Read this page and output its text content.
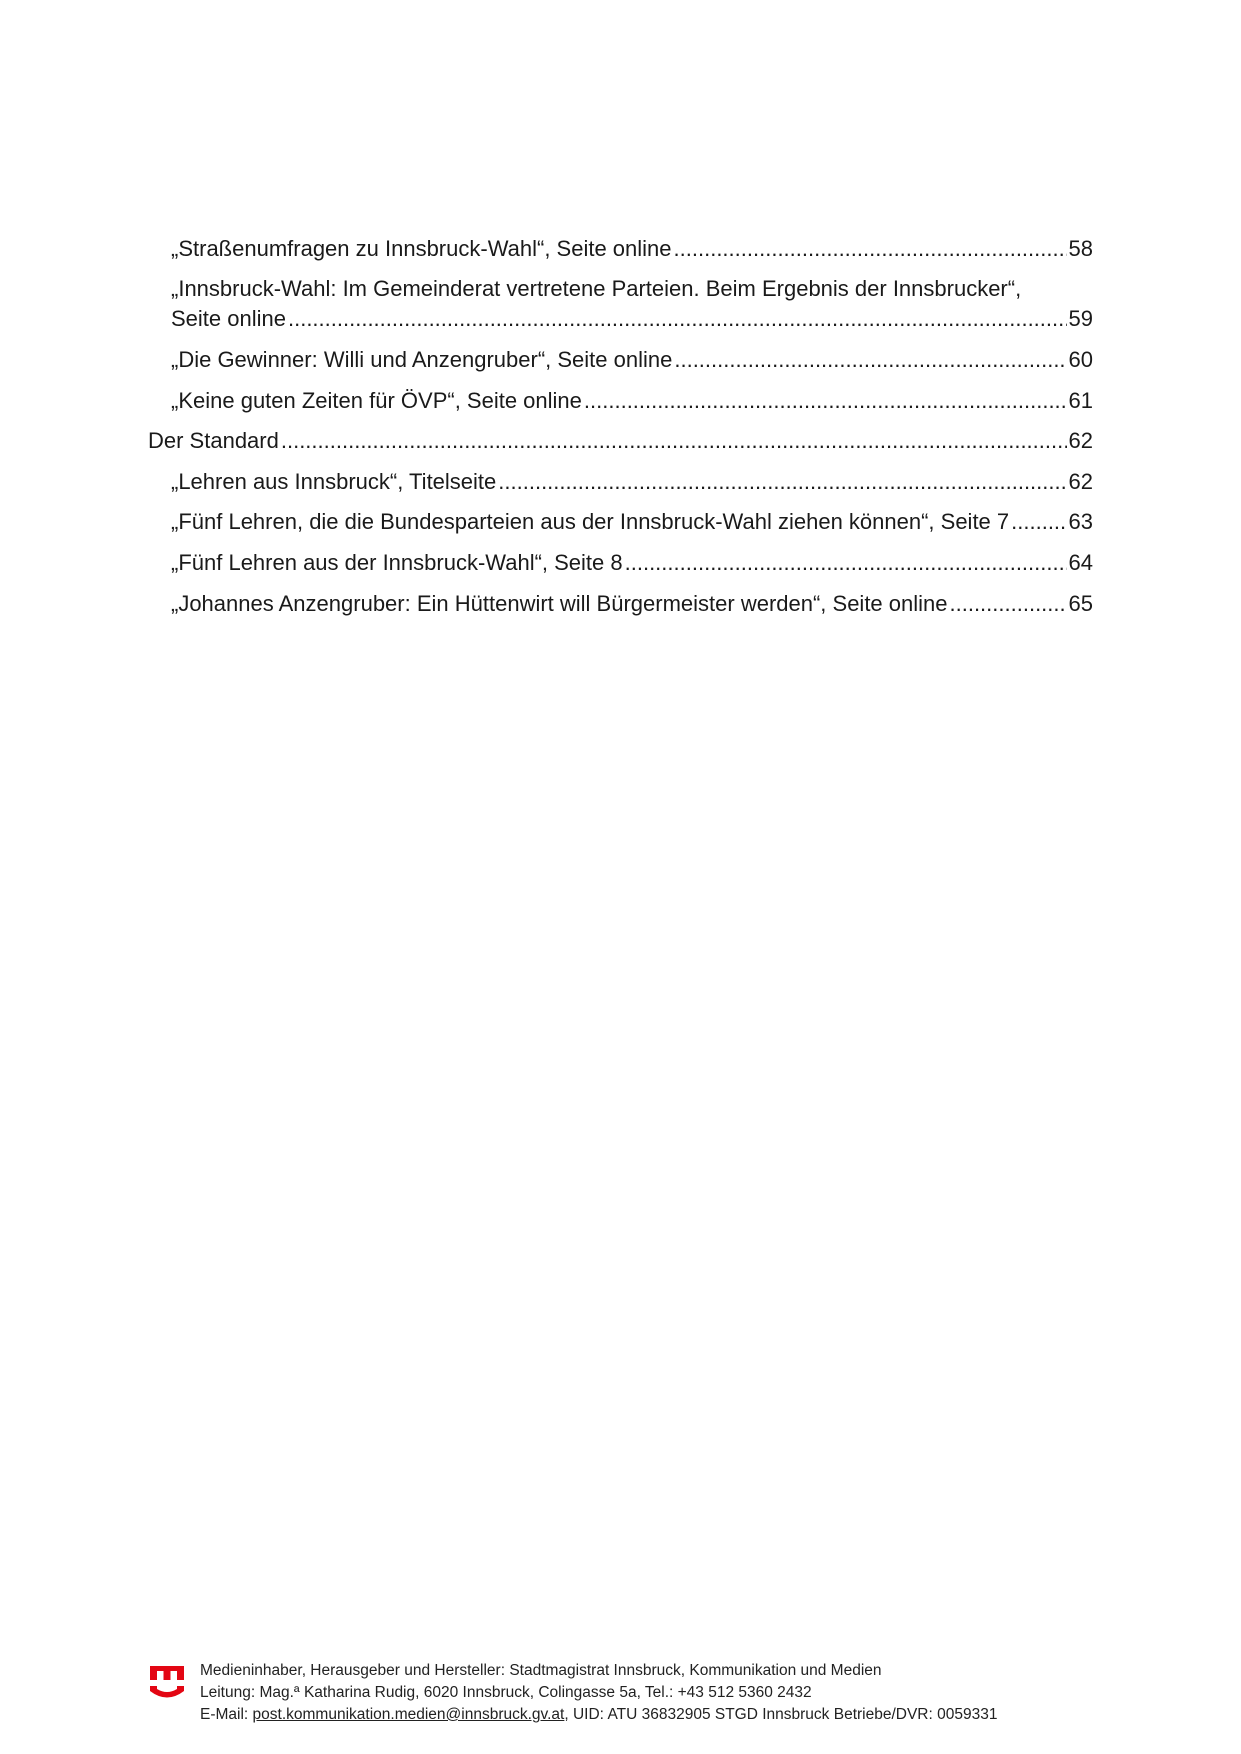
„Straßenumfragen zu Innsbruck-Wahl“, Seite online .....	58
„Innsbruck-Wahl: Im Gemeinderat vertretene Parteien. Beim Ergebnis der Innsbrucker“,
Seite online .....	59
„Die Gewinner: Willi und Anzengruber“, Seite online .....	60
„Keine guten Zeiten für ÖVP“, Seite online .....	61
Der Standard .....	62
„Lehren aus Innsbruck“, Titelseite .....	62
„Fünf Lehren, die die Bundesparteien aus der Innsbruck-Wahl ziehen können“, Seite 7 .....	63
„Fünf Lehren aus der Innsbruck-Wahl“, Seite 8 .....	64
„Johannes Anzengruber: Ein Hüttenwirt will Bürgermeister werden“, Seite online .....	65
Medieninhaber, Herausgeber und Hersteller: Stadtmagistrat Innsbruck, Kommunikation und Medien
Leitung: Mag.ª Katharina Rudig, 6020 Innsbruck, Colingasse 5a, Tel.: +43 512 5360 2432
E-Mail: post.kommunikation.medien@innsbruck.gv.at, UID: ATU 36832905 STGD Innsbruck Betriebe/DVR: 0059331
